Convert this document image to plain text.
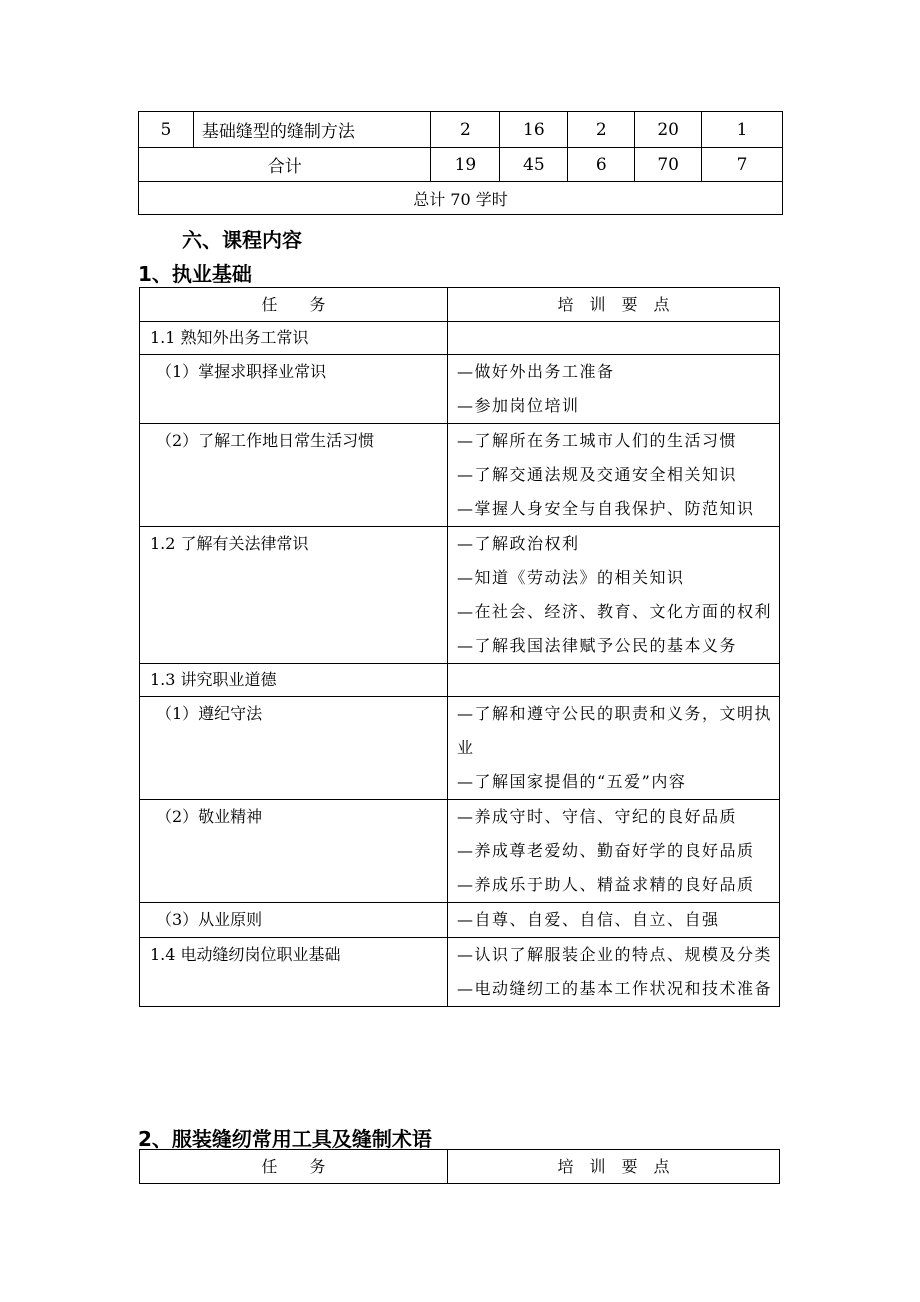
5	基础缝型的缝制方法	2	16	2	20	1
合计		19	45	6	70	7
总计 70 学时						
六、课程内容
1、执业基础
任　　务	培　训　要　点
1.1 熟知外出务工常识	
（1）掌握求职择业常识	—做好外出务工准备
—参加岗位培训

（2）了解工作地日常生活习惯	—了解所在务工城市人们的生活习惯
—了解交通法规及交通安全相关知识
—掌握人身安全与自我保护、防范知识

1.2 了解有关法律常识	—了解政治权利
—知道《劳动法》的相关知识
—在社会、经济、教育、文化方面的权利
—了解我国法律赋予公民的基本义务

1.3 讲究职业道德	
（1）遵纪守法	—了解和遵守公民的职责和义务，文明执业
—了解国家提倡的“五爱”内容

（2）敬业精神	—养成守时、守信、守纪的良好品质
—养成尊老爱幼、勤奋好学的良好品质
—养成乐于助人、精益求精的良好品质

（3）从业原则	—自尊、自爱、自信、自立、自强

1.4 电动缝纫岗位职业基础	—认识了解服装企业的特点、规模及分类
—电动缝纫工的基本工作状况和技术准备
2、服装缝纫常用工具及缝制术语
任　　务	培　训　要　点
